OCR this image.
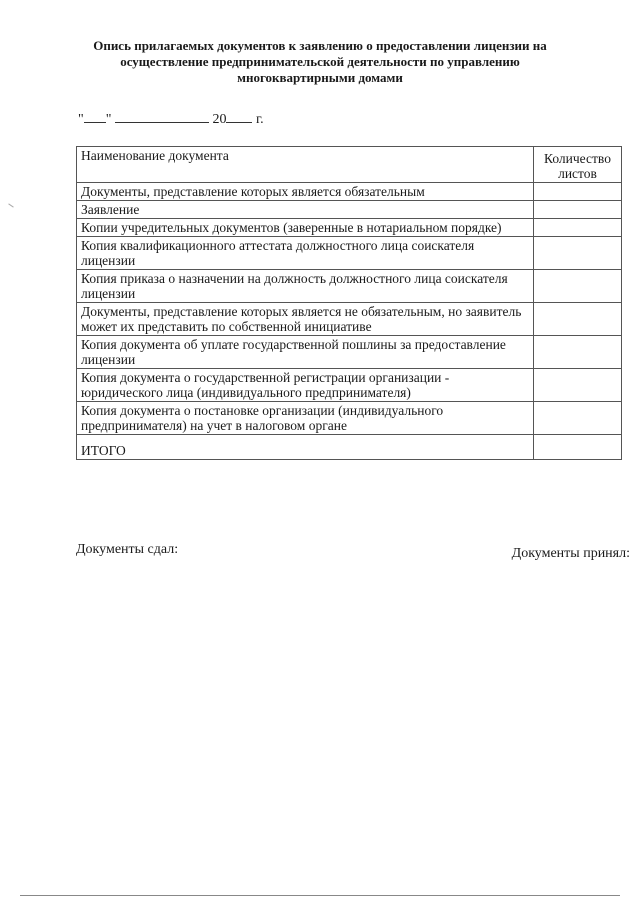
Опись прилагаемых документов к заявлению о предоставлении лицензии на осуществление предпринимательской деятельности по управлению многоквартирными домами
" "	20 г.
Наименование документа	Количество листов
Документы, представление которых является обязательным	
Заявление	
Копии учредительных документов (заверенные в нотариальном порядке)	
Копия квалификационного аттестата должностного лица соискателя лицензии	
Копия приказа о назначении на должность должностного лица соискателя лицензии	
Документы, представление которых является не обязательным, но заявитель может их представить по собственной инициативе	
Копия документа об уплате государственной пошлины за предоставление лицензии	
Копия документа о государственной регистрации организации - юридического лица (индивидуального предпринимателя)	
Копия документа о постановке организации (индивидуального предпринимателя) на учет в налоговом органе	
ИТОГО	
Документы сдал:	Документы принял:
